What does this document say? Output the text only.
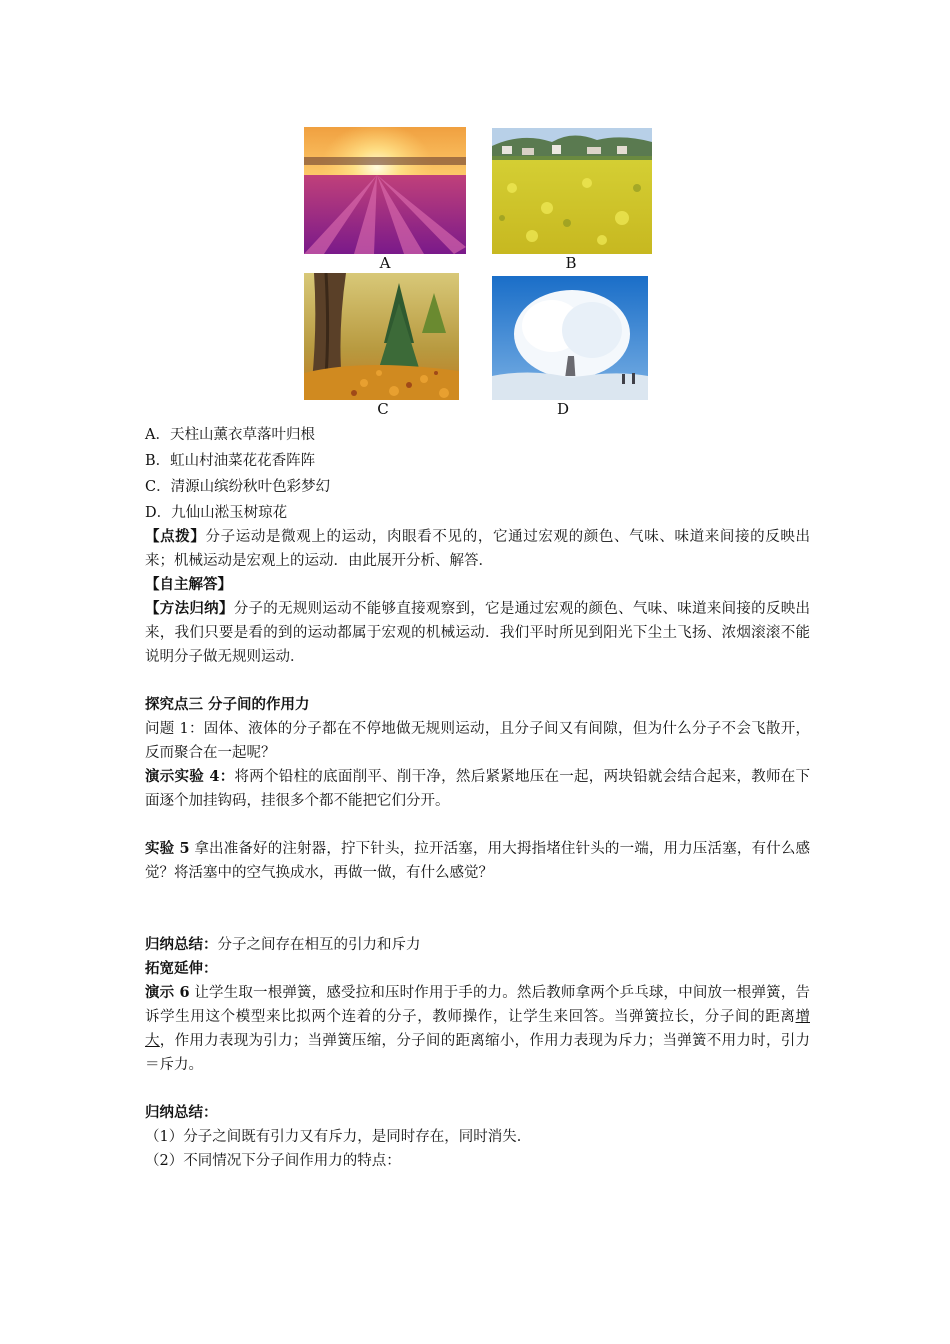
A	B
C	D

A．天柱山薰衣草落叶归根

B．虹山村油菜花花香阵阵

C．清源山缤纷秋叶色彩梦幻

D．九仙山淞玉树琼花

【点拨】分子运动是微观上的运动，肉眼看不见的，它通过宏观的颜色、气味、味道来间接的反映出来；机械运动是宏观上的运动．由此展开分析、解答．

【自主解答】

【方法归纳】分子的无规则运动不能够直接观察到，它是通过宏观的颜色、气味、味道来间接的反映出来，我们只要是看的到的运动都属于宏观的机械运动．我们平时所见到阳光下尘土飞扬、浓烟滚滚不能说明分子做无规则运动．

探究点三 分子间的作用力

问题 1：固体、液体的分子都在不停地做无规则运动，且分子间又有间隙，但为什么分子不会飞散开，反而聚合在一起呢？

演示实验 4：将两个铅柱的底面削平、削干净，然后紧紧地压在一起，两块铅就会结合起来，教师在下面逐个加挂钩码，挂很多个都不能把它们分开。

实验 5 拿出准备好的注射器，拧下针头，拉开活塞，用大拇指堵住针头的一端，用力压活塞，有什么感觉？将活塞中的空气换成水，再做一做，有什么感觉？

归纳总结：分子之间存在相互的引力和斥力

拓宽延伸：

演示 6 让学生取一根弹簧，感受拉和压时作用于手的力。然后教师拿两个乒乓球，中间放一根弹簧，告诉学生用这个模型来比拟两个连着的分子，教师操作，让学生来回答。当弹簧拉长，分子间的距离增大，作用力表现为引力；当弹簧压缩，分子间的距离缩小，作用力表现为斥力；当弹簧不用力时，引力＝斥力。

归纳总结：

（1）分子之间既有引力又有斥力，是同时存在，同时消失．

（2）不同情况下分子间作用力的特点：
